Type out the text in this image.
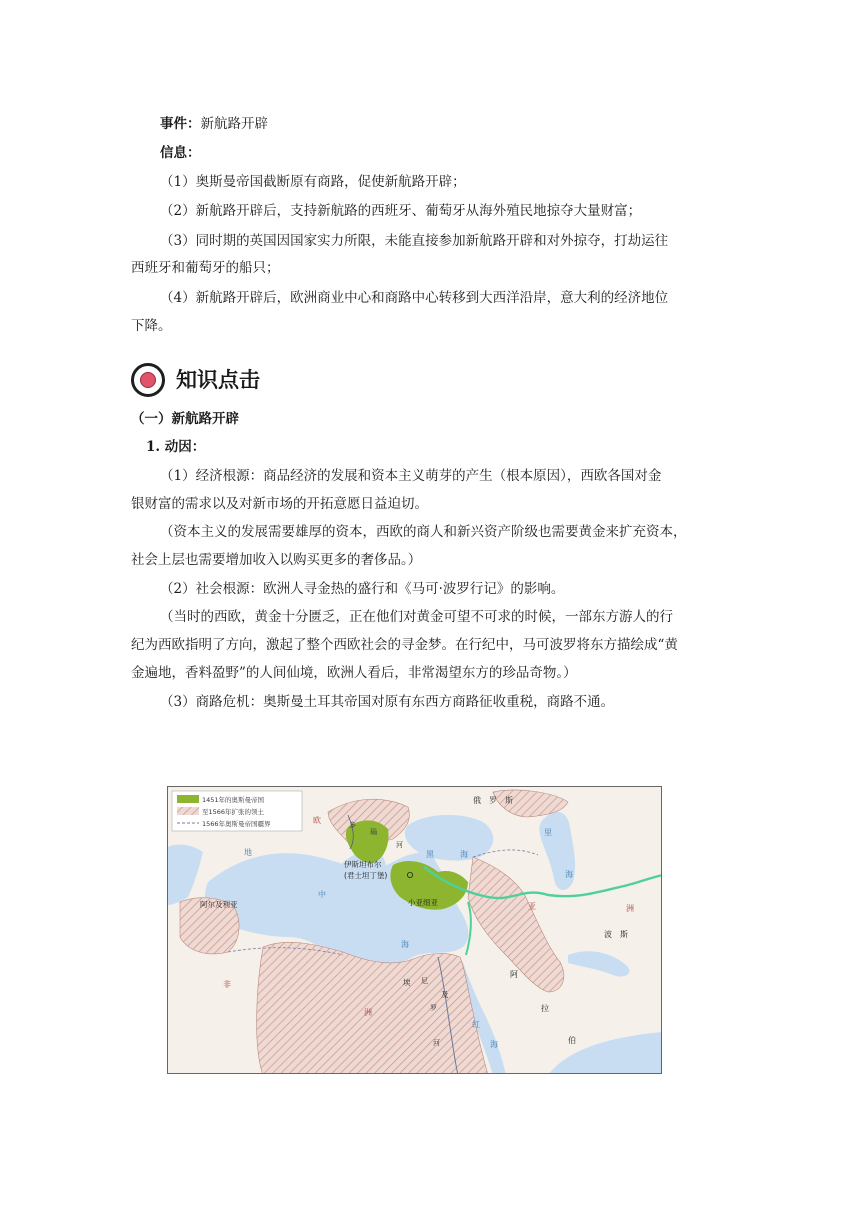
事件：新航路开辟
信息：
（1）奥斯曼帝国截断原有商路，促使新航路开辟；
（2）新航路开辟后，支持新航路的西班牙、葡萄牙从海外殖民地掠夺大量财富；
（3）同时期的英国因国家实力所限，未能直接参加新航路开辟和对外掠夺，打劫运往
西班牙和葡萄牙的船只；
（4）新航路开辟后，欧洲商业中心和商路中心转移到大西洋沿岸，意大利的经济地位
下降。
知识点击
（一）新航路开辟
1. 动因：
（1）经济根源：商品经济的发展和资本主义萌芽的产生（根本原因），西欧各国对金
银财富的需求以及对新市场的开拓意愿日益迫切。
（资本主义的发展需要雄厚的资本，西欧的商人和新兴资产阶级也需要黄金来扩充资本，
社会上层也需要增加收入以购买更多的奢侈品。）
（2）社会根源：欧洲人寻金热的盛行和《马可·波罗行记》的影响。
（当时的西欧，黄金十分匮乏，正在他们对黄金可望不可求的时候，一部东方游人的行
纪为西欧指明了方向，激起了整个西欧社会的寻金梦。在行纪中，马可波罗将东方描绘成“黄
金遍地，香料盈野”的人间仙境，欧洲人看后，非常渴望东方的珍品奇物。）
（3）商路危机：奥斯曼土耳其帝国对原有东西方商路征收重税，商路不通。
1451年的奥斯曼帝国
至1566年扩张的领土
1566年奥斯曼帝国疆界
俄　罗　斯
欧	多
瑙
河
黑	海
里
海
伊斯坦布尔
(君士坦丁堡)
小亚细亚
地
中
海
阿尔及利亚	洲
亚
波　斯
非
洲
埃
及
尼
罗
河
红
海
阿
拉
伯
